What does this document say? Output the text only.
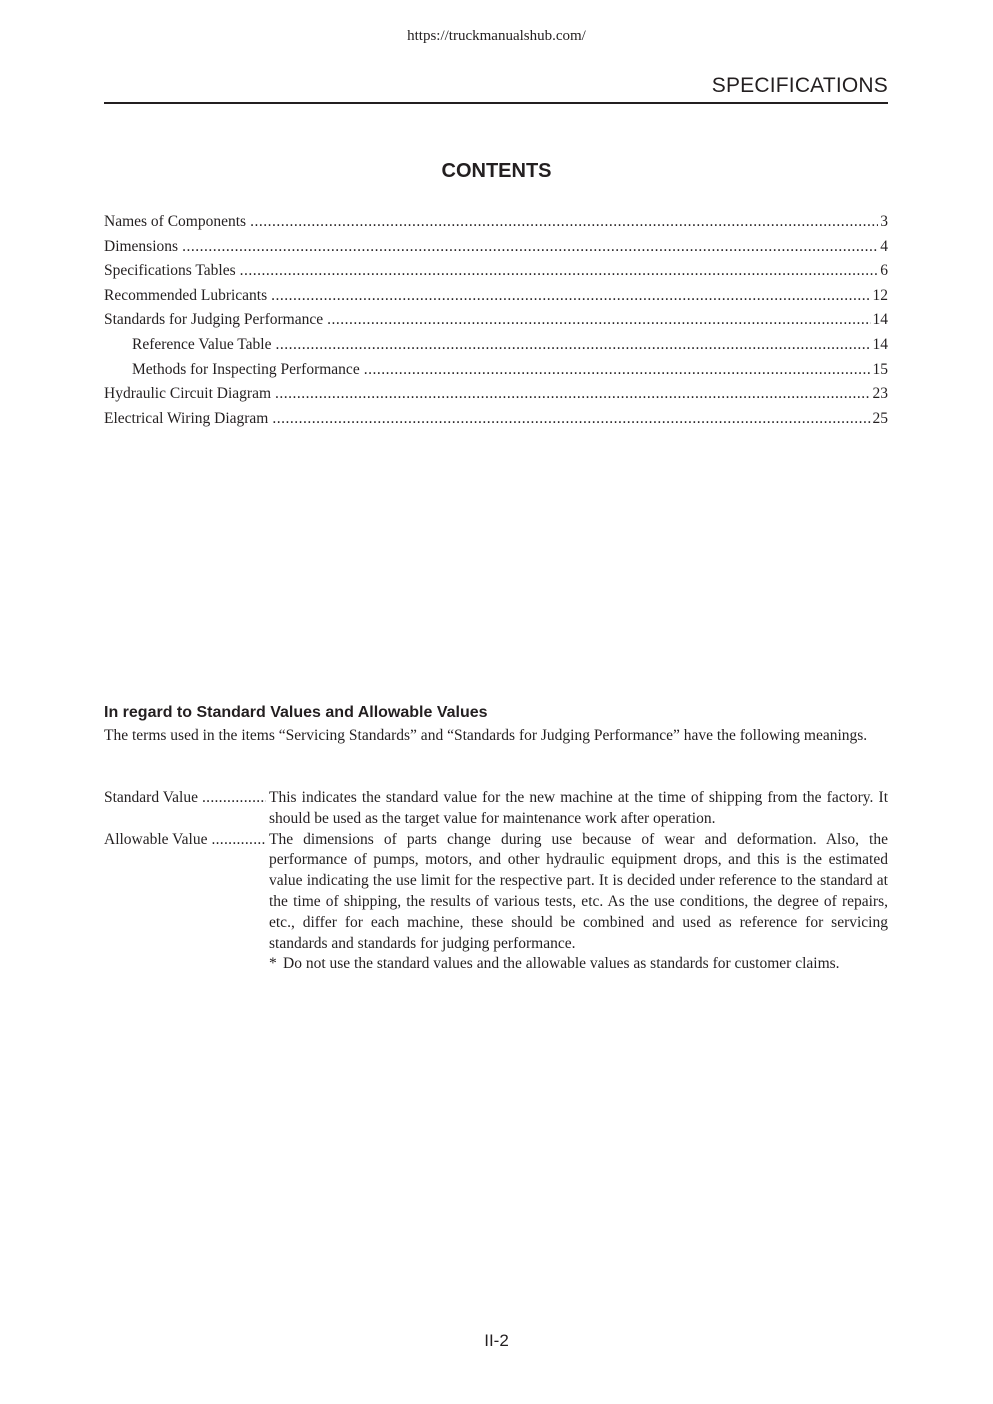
https://truckmanualshub.com/
SPECIFICATIONS
CONTENTS
Names of Components .....	3
Dimensions .....	4
Specifications Tables .....	6
Recommended Lubricants .....	12
Standards for Judging Performance .....	14
Reference Value Table .....	14
Methods for Inspecting Performance .....	15
Hydraulic Circuit Diagram .....	23
Electrical Wiring Diagram .....	25
In regard to Standard Values and Allowable Values

The terms used in the items “Servicing Standards” and “Standards for Judging Performance” have the following meanings.

Standard Value .....	This indicates the standard value for the new machine at the time of shipping from the factory. It should be used as the target value for maintenance work after operation.
Allowable Value .....	The dimensions of parts change during use because of wear and deformation. Also, the performance of pumps, motors, and other hydraulic equipment drops, and this is the estimated value indicating the use limit for the respective part. It is decided under reference to the standard at the time of shipping, the results of various tests, etc. As the use conditions, the degree of repairs, etc., differ for each machine, these should be combined and used as reference for servicing standards and standards for judging performance.
* Do not use the standard values and the allowable values as standards for customer claims.
II-2
